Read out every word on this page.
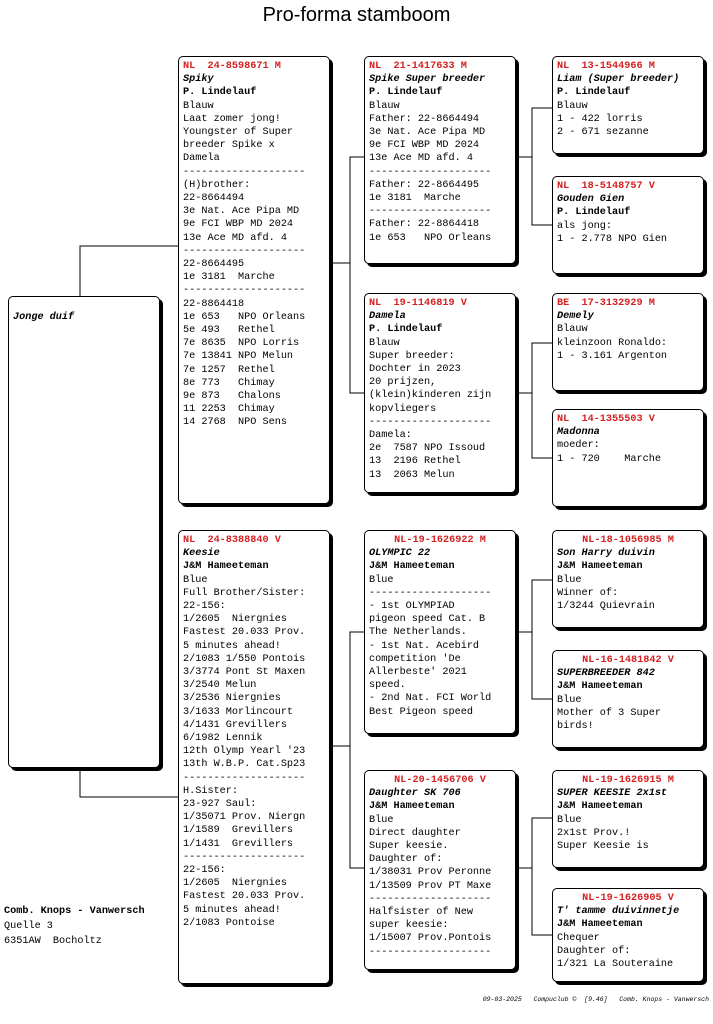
Pro-forma stamboom
Jonge duif
NL  24-8598671 M
Spiky
P. Lindelauf
Blauw
Laat zomer jong!
Youngster of Super
breeder Spike x
Damela
--------------------
(H)brother:
22-8664494
3e Nat. Ace Pipa MD
9e FCI WBP MD 2024
13e Ace MD afd. 4
--------------------
22-8664495
1e 3181  Marche
--------------------
22-8864418
1e 653   NPO Orleans
5e 493   Rethel
7e 8635  NPO Lorris
7e 13841 NPO Melun
7e 1257  Rethel
8e 773   Chimay
9e 873   Chalons
11 2253  Chimay
14 2768  NPO Sens
NL  24-8388840 V
Keesie
J&M Hameeteman
Blue
Full Brother/Sister:
22-156:
1/2605  Niergnies
Fastest 20.033 Prov.
5 minutes ahead!
2/1083 1/550 Pontois
3/3774 Pont St Maxen
3/2540 Melun
3/2536 Niergnies
3/1633 Morlincourt
4/1431 Grevillers
6/1982 Lennik
12th Olymp Yearl '23
13th W.B.P. Cat.Sp23
--------------------
H.Sister:
23-927 Saul:
1/35071 Prov. Niergn
1/1589  Grevillers
1/1431  Grevillers
--------------------
22-156:
1/2605  Niergnies
Fastest 20.033 Prov.
5 minutes ahead!
2/1083 Pontoise
NL  21-1417633 M
Spike Super breeder
P. Lindelauf
Blauw
Father: 22-8664494
3e Nat. Ace Pipa MD
9e FCI WBP MD 2024
13e Ace MD afd. 4
--------------------
Father: 22-8664495
1e 3181  Marche
--------------------
Father: 22-8864418
1e 653   NPO Orleans
NL  19-1146819 V
Damela
P. Lindelauf
Blauw
Super breeder:
Dochter in 2023
20 prijzen,
(klein)kinderen zijn
kopvliegers
--------------------
Damela:
2e  7587 NPO Issoud
13  2196 Rethel
13  2063 Melun
NL-19-1626922 M
OLYMPIC 22
J&M Hameeteman
Blue
--------------------
- 1st OLYMPIAD
pigeon speed Cat. B
The Netherlands.
- 1st Nat. Acebird
competition 'De
Allerbeste' 2021
speed.
- 2nd Nat. FCI World
Best Pigeon speed
NL-20-1456706 V
Daughter SK 706
J&M Hameeteman
Blue
Direct daughter
Super keesie.
Daughter of:
1/38031 Prov Peronne
1/13509 Prov PT Maxe
--------------------
Halfsister of New
super keesie:
1/15007 Prov.Pontois
--------------------
NL  13-1544966 M
Liam (Super breeder)
P. Lindelauf
Blauw
1 - 422 lorris
2 - 671 sezanne
NL  18-5148757 V
Gouden Gien
P. Lindelauf
als jong:
1 - 2.778 NPO Gien
BE  17-3132929 M
Demely
Blauw
kleinzoon Ronaldo:
1 - 3.161 Argenton
NL  14-1355503 V
Madonna
moeder:
1 - 720    Marche
NL-18-1056985 M
Son Harry duivin
J&M Hameeteman
Blue
Winner of:
1/3244 Quievrain
NL-16-1481842 V
SUPERBREEDER 842
J&M Hameeteman
Blue
Mother of 3 Super
birds!
NL-19-1626915 M
SUPER KEESIE 2x1st
J&M Hameeteman
Blue
2x1st Prov.!
Super Keesie is
NL-19-1626905 V
T' tamme duivinnetje
J&M Hameeteman
Chequer
Daughter of:
1/321 La Souteraine
Comb. Knops - Vanwersch
Quelle 3
6351AW  Bocholtz
09-03-2025   Compuclub ©  [9.46]   Comb. Knops - Vanwersch
